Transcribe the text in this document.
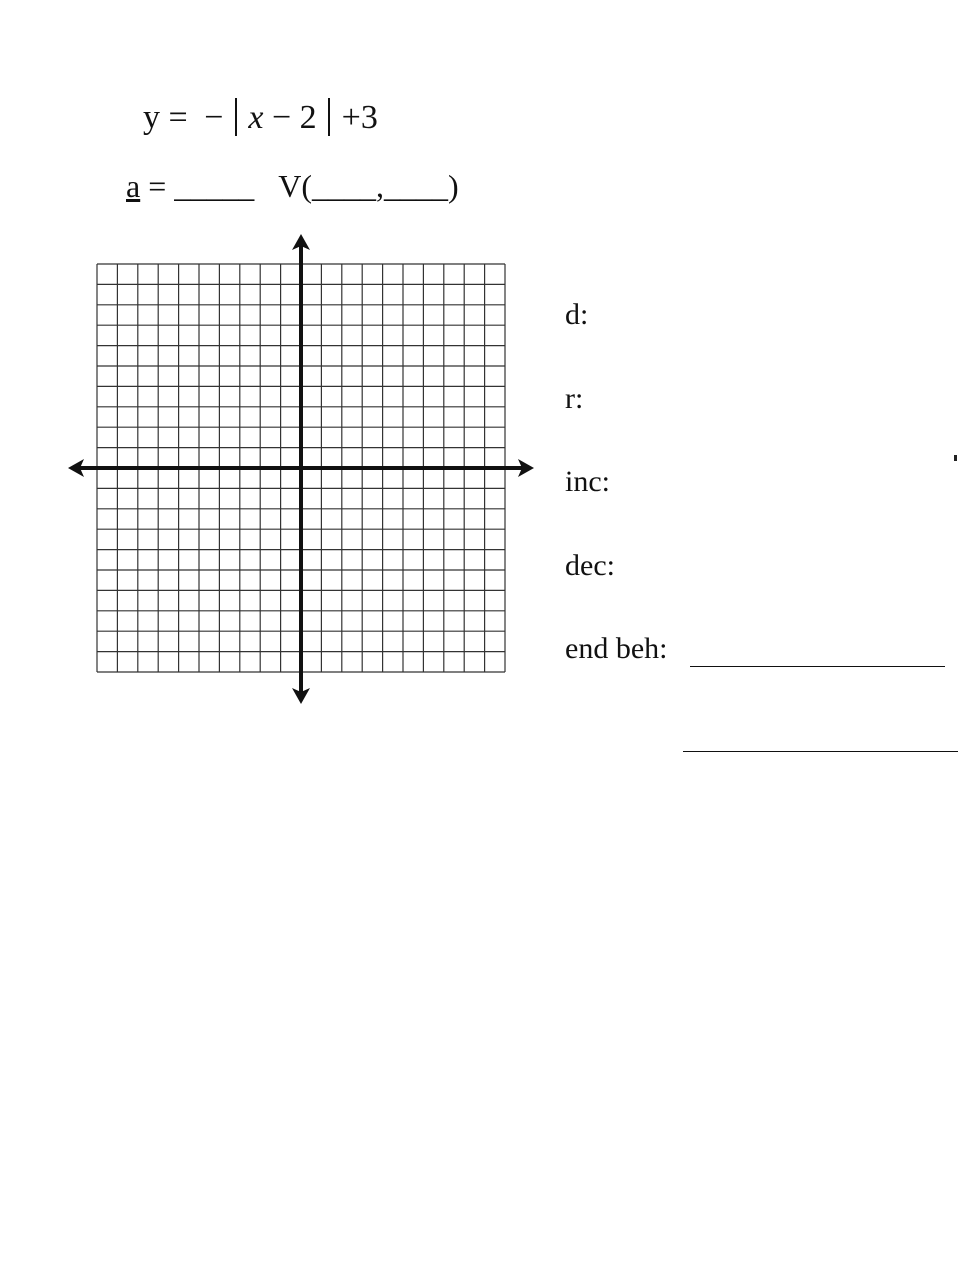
y = − x − 2 +3
a = _____ V(____,____)
d:
r:
inc:
dec:
end beh:
